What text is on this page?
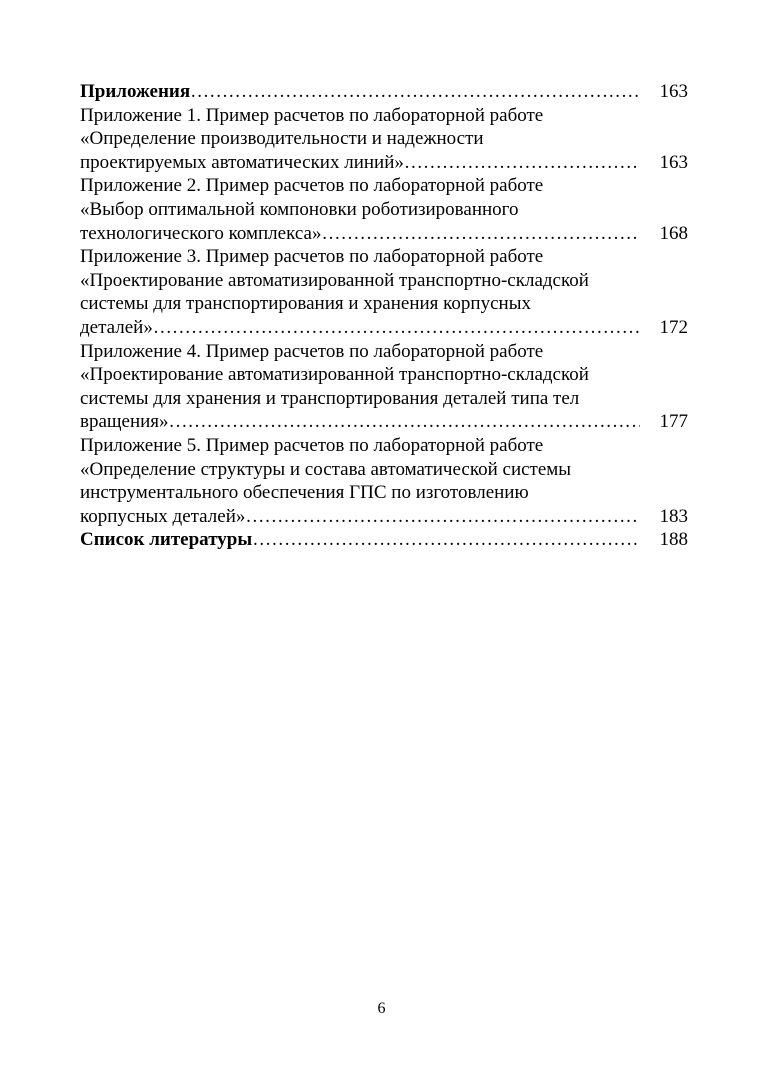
Приложения ……………………………………………………………………………………………………………………………………………………………………………	163
Приложение 1. Пример расчетов по лабораторной работе
«Определение производительности и надежности
проектируемых автоматических линий» ……………………………………………………………………………………………………………………………………………………………………………	163
Приложение 2. Пример расчетов по лабораторной работе
«Выбор оптимальной компоновки роботизированного
технологического комплекса» ……………………………………………………………………………………………………………………………………………………………………………	168
Приложение 3. Пример расчетов по лабораторной работе
«Проектирование автоматизированной транспортно-складской
системы для транспортирования и хранения корпусных
деталей» ……………………………………………………………………………………………………………………………………………………………………………	172
Приложение 4. Пример расчетов по лабораторной работе
«Проектирование автоматизированной транспортно-складской
системы для хранения и транспортирования деталей типа тел
вращения» ……………………………………………………………………………………………………………………………………………………………………………	177
Приложение 5. Пример расчетов по лабораторной работе
«Определение структуры и состава автоматической системы
инструментального обеспечения ГПС по изготовлению
корпусных деталей» ……………………………………………………………………………………………………………………………………………………………………………	183
Список литературы ……………………………………………………………………………………………………………………………………………………………………………	188
6
